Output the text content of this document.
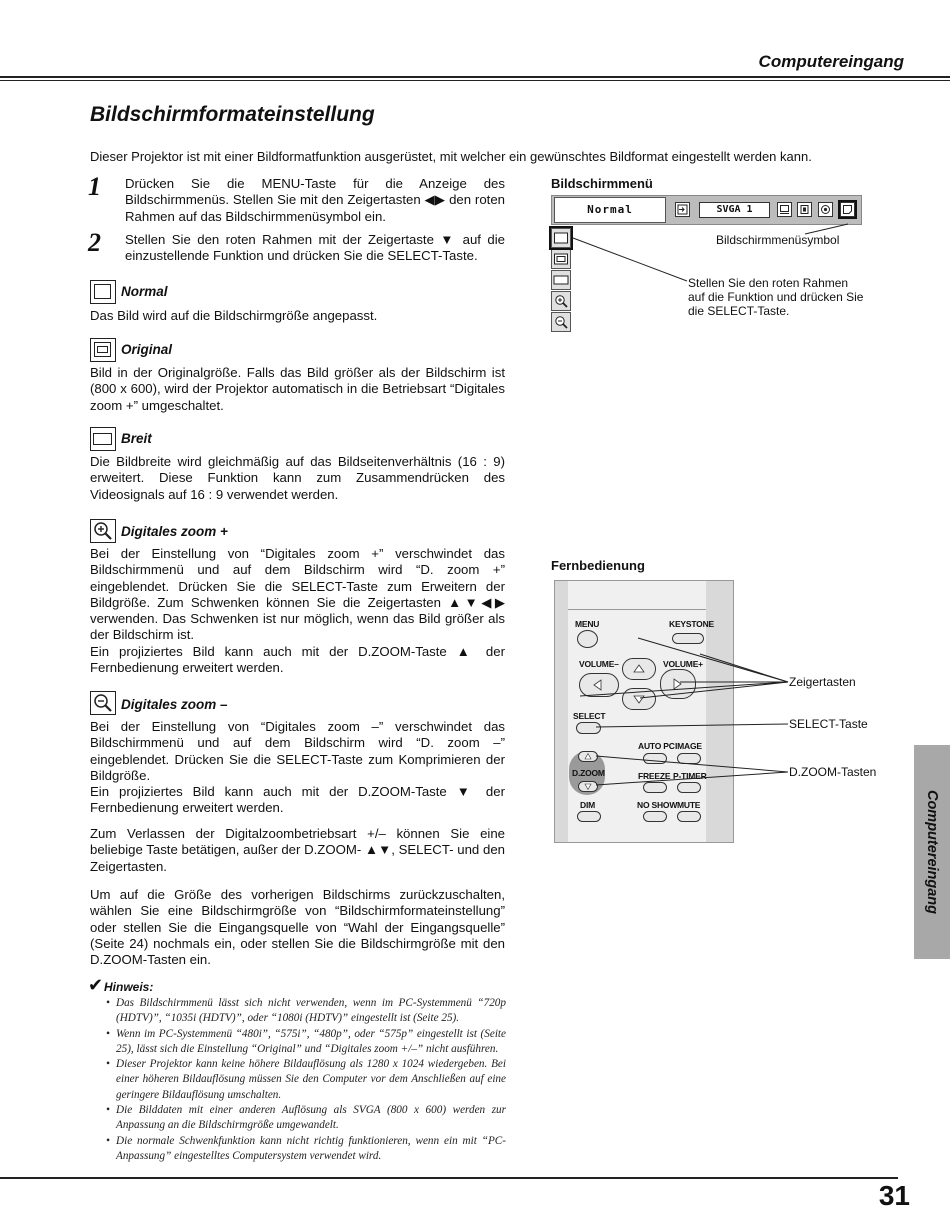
Computereingang
Bildschirmformateinstellung
Dieser Projektor ist mit einer Bildformatfunktion ausgerüstet, mit welcher ein gewünschtes Bildformat eingestellt werden kann.
1 Drücken Sie die MENU-Taste für die Anzeige des Bildschirmmenüs. Stellen Sie mit den Zeigertasten ◀▶ den roten Rahmen auf das Bildschirmmenüsymbol ein.
2 Stellen Sie den roten Rahmen mit der Zeigertaste ▼ auf die einzustellende Funktion und drücken Sie die SELECT-Taste.
Normal
Das Bild wird auf die Bildschirmgröße angepasst.
Original
Bild in der Originalgröße. Falls das Bild größer als der Bildschirm ist (800 x 600), wird der Projektor automatisch in die Betriebsart “Digitales zoom +” umgeschaltet.
Breit
Die Bildbreite wird gleichmäßig auf das Bildseitenverhältnis (16 : 9) erweitert. Diese Funktion kann zum Zusammendrücken des Videosignals auf 16 : 9 verwendet werden.
Digitales zoom +
Bei der Einstellung von “Digitales zoom +” verschwindet das Bildschirmmenü und auf dem Bildschirm wird “D. zoom +” eingeblendet. Drücken Sie die SELECT-Taste zum Erweitern der Bildgröße. Zum Schwenken können Sie die Zeigertasten ▲▼◀▶ verwenden. Das Schwenken ist nur möglich, wenn das Bild größer als der Bildschirm ist.
Ein projiziertes Bild kann auch mit der D.ZOOM-Taste ▲ der Fernbedienung erweitert werden.
Digitales zoom –
Bei der Einstellung von “Digitales zoom –” verschwindet das Bildschirmmenü und auf dem Bildschirm wird “D. zoom –” eingeblendet. Drücken Sie die SELECT-Taste zum Komprimieren der Bildgröße.
Ein projiziertes Bild kann auch mit der D.ZOOM-Taste ▼ der Fernbedienung erweitert werden.
Zum Verlassen der Digitalzoombetriebsart +/– können Sie eine beliebige Taste betätigen, außer der D.ZOOM- ▲▼, SELECT- und den Zeigertasten.
Um auf die Größe des vorherigen Bildschirms zurückzuschalten, wählen Sie eine Bildschirmgröße von “Bildschirmformateinstellung” oder stellen Sie die Eingangsquelle von “Wahl der Eingangsquelle” (Seite 24) nochmals ein, oder stellen Sie die Bildschirmgröße mit den D.ZOOM-Tasten ein.
✔ Hinweis:
• Das Bildschirmmenü lässt sich nicht verwenden, wenn im PC-Systemmenü “720p (HDTV)”, “1035i (HDTV)”, oder “1080i (HDTV)” eingestellt ist (Seite 25).
• Wenn im PC-Systemmenü “480i”, “575i”, “480p”, oder “575p” eingestellt ist (Seite 25), lässt sich die Einstellung “Original” und “Digitales zoom +/–” nicht ausführen.
• Dieser Projektor kann keine höhere Bildauflösung als 1280 x 1024 wiedergeben. Bei einer höheren Bildauflösung müssen Sie den Computer vor dem Anschließen auf eine geringere Bildauflösung umschalten.
• Die Bilddaten mit einer anderen Auflösung als SVGA (800 x 600) werden zur Anpassung an die Bildschirmgröße umgewandelt.
• Die normale Schwenkfunktion kann nicht richtig funktionieren, wenn ein mit “PC-Anpassung” eingestelltes Computersystem verwendet wird.
Bildschirmmenü
Normal	SVGA 1
Bildschirmmenüsymbol
Stellen Sie den roten Rahmen auf die Funktion und drücken Sie die SELECT-Taste.
Fernbedienung
MENU	KEYSTONE
VOLUME–	VOLUME+
SELECT
AUTO PC IMAGE
D.ZOOM	FREEZE P-TIMER
DIM	NO SHOW MUTE
Zeigertasten
SELECT-Taste
D.ZOOM-Tasten
Computereingang
31
